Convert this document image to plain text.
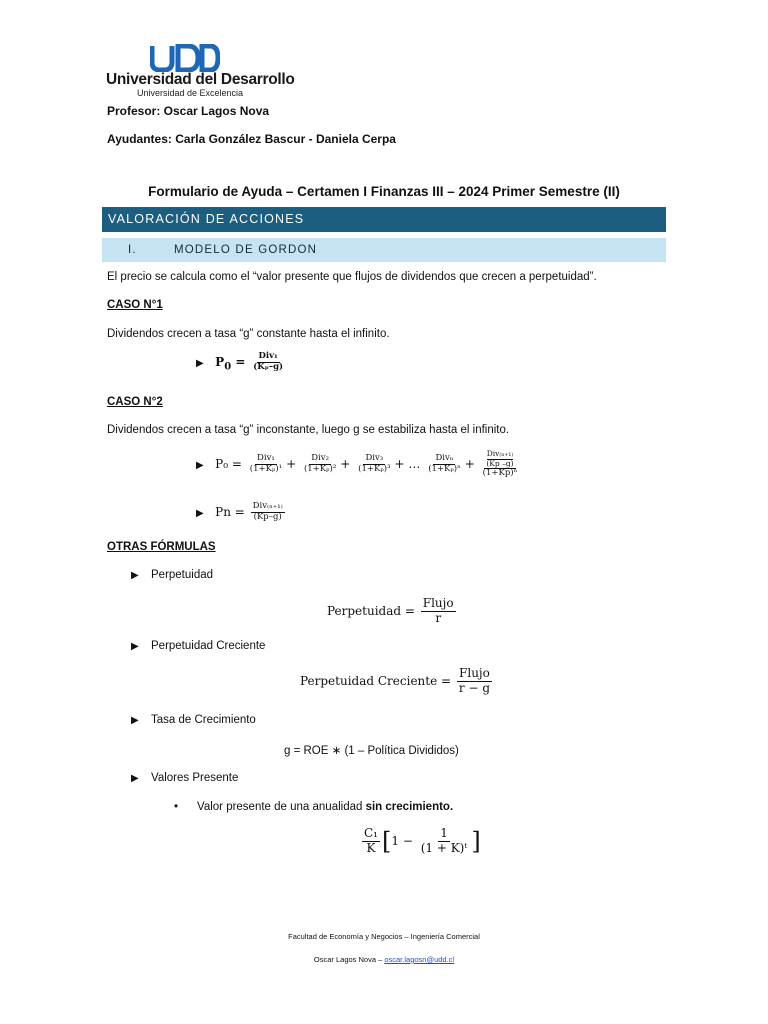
Universidad del Desarrollo
Universidad de Excelencia
Profesor: Oscar Lagos Nova
Ayudantes: Carla González Bascur - Daniela Cerpa
Formulario de Ayuda – Certamen I Finanzas III – 2024 Primer Semestre (II)
VALORACIÓN DE ACCIONES
I.	MODELO DE GORDON
El precio se calcula como el “valor presente que flujos de dividendos que crecen a perpetuidad”.
CASO N°1
Dividendos crecen a tasa “g” constante hasta el infinito.
▶ $P_0 = \frac{\text{Div₁}}{\text{(Kₚ–g)}}$
CASO N°2
Dividendos crecen a tasa “g” inconstante, luego g se estabiliza hasta el infinito.
▶ $P_0 = \frac{\text{Div₁}}{\text{(1+Kₚ)¹}} + \frac{\text{Div₂}}{\text{(1+Kₚ)²}} + \frac{\text{Div₃}}{\text{(1+Kₚ)³}}$ + … $\frac{\text{Divₙ}}{\text{(1+Kₚ)ⁿ}} + Div_{(n+1)}$
(Kp –g)
(1+Kp)ⁿ
▶ $Pn = \frac{\text{Div₍ₙ₊₁₎}}{(Kp-g)}$
OTRAS FÓRMULAS
▶ Perpetuidad
Perpetuidad = $\frac{\text{Flujo}}{r}$
▶ Perpetuidad Creciente
Perpetuidad Creciente = $\frac{\text{Flujo}}{r - g}$
▶ Tasa de Crecimiento
g = ROE ∗ (1 – Política Divididos)
▶ Valores Presente
• Valor presente de una anualidad sin crecimiento.
$\frac{\text{C₁}}{K} [1 - \frac{1}{\text{(1 + K)ᵗ}}$ ]
Facultad de Economía y Negocios – Ingeniería Comercial
Oscar Lagos Nova – oscar.lagosn@udd.cl
